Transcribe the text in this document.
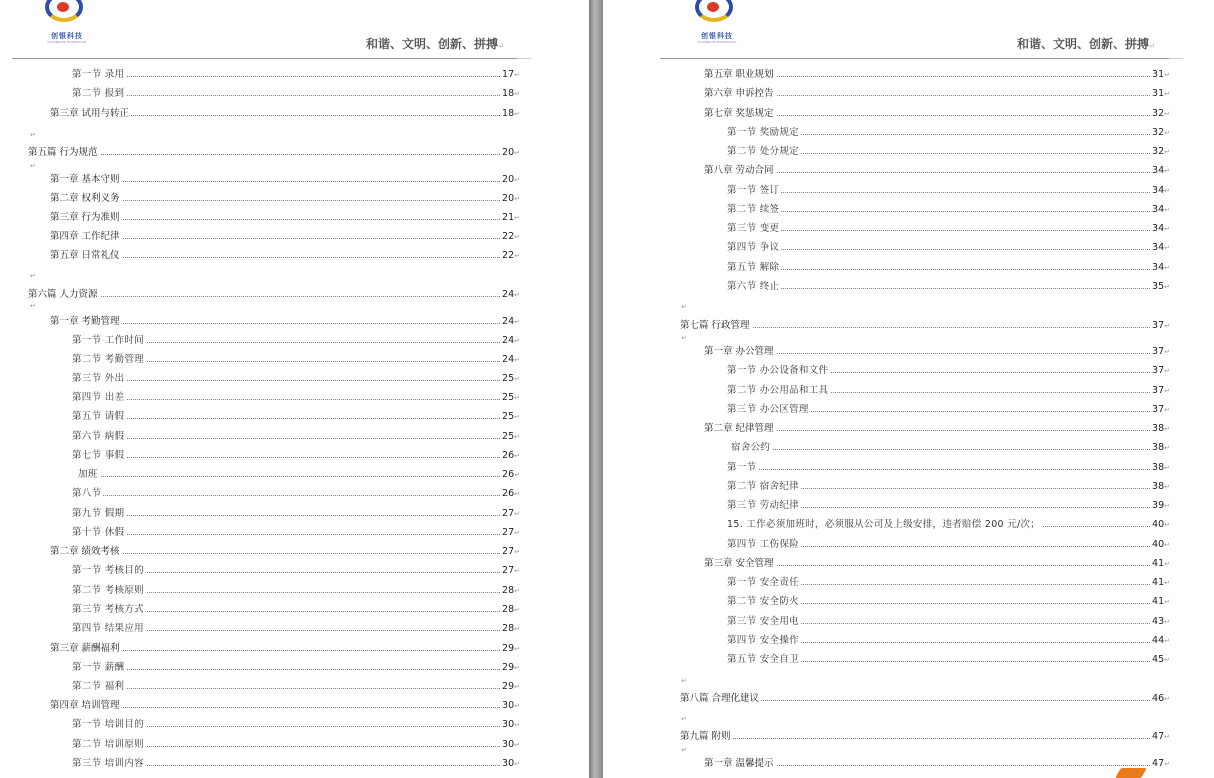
创银科技
CHUANGYIN TECHNOLOGY	和谐、文明、创新、拼搏↵
第一节 录用	17↵
第二节 报到	18↵
第三章 试用与转正	18↵
第五篇 行为规范	20↵
第一章 基本守则	20↵
第二章 权利义务	20↵
第三章 行为准则	21↵
第四章 工作纪律	22↵
第五章 日常礼仪	22↵
第六篇 人力资源	24↵
第一章 考勤管理	24↵
第一节 工作时间	24↵
第二节 考勤管理	24↵
第三节 外出	25↵
第四节 出差	25↵
第五节 请假	25↵
第六节 病假	25↵
第七节 事假	26↵
加班	26↵
第八节	26↵
第九节 假期	27↵
第十节 休假	27↵
第二章 绩效考核	27↵
第一节 考核目的	27↵
第二节 考核原则	28↵
第三节 考核方式	28↵
第四节 结果应用	28↵
第三章 薪酬福利	29↵
第一节 薪酬	29↵
第二节 福利	29↵
第四章 培训管理	30↵
第一节 培训目的	30↵
第二节 培训原则	30↵
第三节 培训内容	30↵
↵
↵
↵
↵
创银科技
CHUANGYIN TECHNOLOGY	和谐、文明、创新、拼搏↵
第五章 职业规划	31↵
第六章 申诉控告	31↵
第七章 奖惩规定	32↵
第一节 奖励规定	32↵
第二节 处分规定	32↵
第八章 劳动合同	34↵
第一节 签订	34↵
第二节 续签	34↵
第三节 变更	34↵
第四节 争议	34↵
第五节 解除	34↵
第六节 终止	35↵
第七篇 行政管理	37↵
第一章 办公管理	37↵
第一节 办公设备和文件	37↵
第二节 办公用品和工具	37↵
第三节 办公区管理	37↵
第二章 纪律管理	38↵
宿舍公约	38↵
第一节	38↵
第二节 宿舍纪律	38↵
第三节 劳动纪律	39↵
15. 工作必须加班时，必须服从公司及上级安排，违者赔偿 200 元/次；	40↵
第四节 工伤保险	40↵
第三章 安全管理	41↵
第一节 安全责任	41↵
第二节 安全防火	41↵
第三节 安全用电	43↵
第四节 安全操作	44↵
第五节 安全自卫	45↵
第八篇 合理化建议	46↵
第九篇 附则	47↵
第一章 温馨提示	47↵
↵
↵
↵
↵
↵
